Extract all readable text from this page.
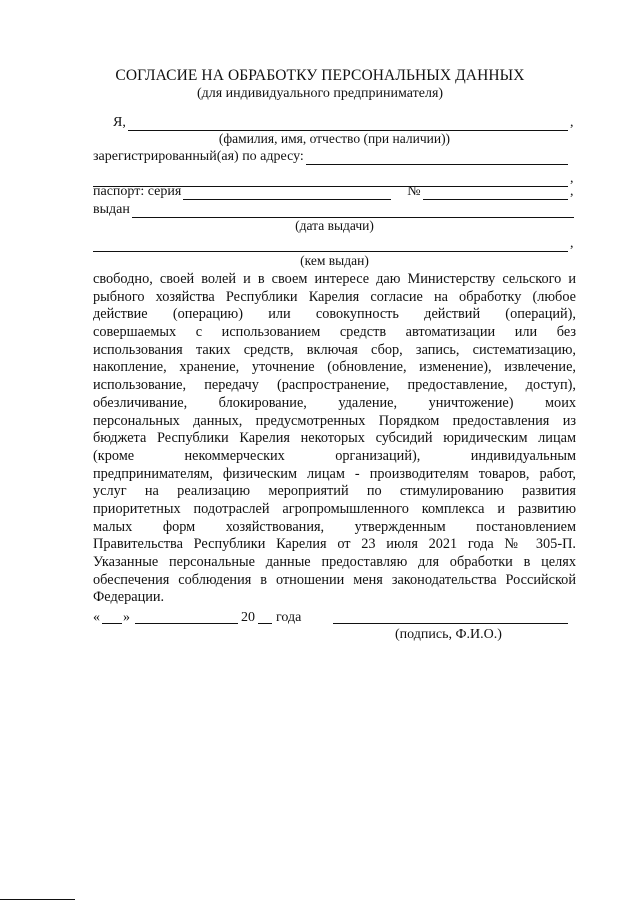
СОГЛАСИЕ НА ОБРАБОТКУ ПЕРСОНАЛЬНЫХ ДАННЫХ
(для индивидуального предпринимателя)
Я,	,
(фамилия, имя, отчество (при наличии))
зарегистрированный(ая) по адресу:
,
паспорт: серия	№	,
выдан
(дата выдачи)
,
(кем выдан)
свободно, своей волей и в своем интересе даю Министерству сельского и
рыбного хозяйства Республики Карелия согласие на обработку (любое
действие (операцию) или совокупность действий (операций),
совершаемых с использованием средств автоматизации или без
использования таких средств, включая сбор, запись, систематизацию,
накопление, хранение, уточнение (обновление, изменение), извлечение,
использование, передачу (распространение, предоставление, доступ),
обезличивание, блокирование, удаление, уничтожение) моих
персональных данных, предусмотренных Порядком предоставления из
бюджета Республики Карелия некоторых субсидий юридическим лицам
(кроме некоммерческих организаций), индивидуальным
предпринимателям, физическим лицам - производителям товаров, работ,
услуг на реализацию мероприятий по стимулированию развития
приоритетных подотраслей агропромышленного комплекса и развитию
малых форм хозяйствования, утвержденным постановлением
Правительства Республики Карелия от 23 июля 2021 года № 305-П.
Указанные персональные данные предоставляю для обработки в целях
обеспечения соблюдения в отношении меня законодательства Российской
Федерации.
« »	20 года
(подпись, Ф.И.О.)
